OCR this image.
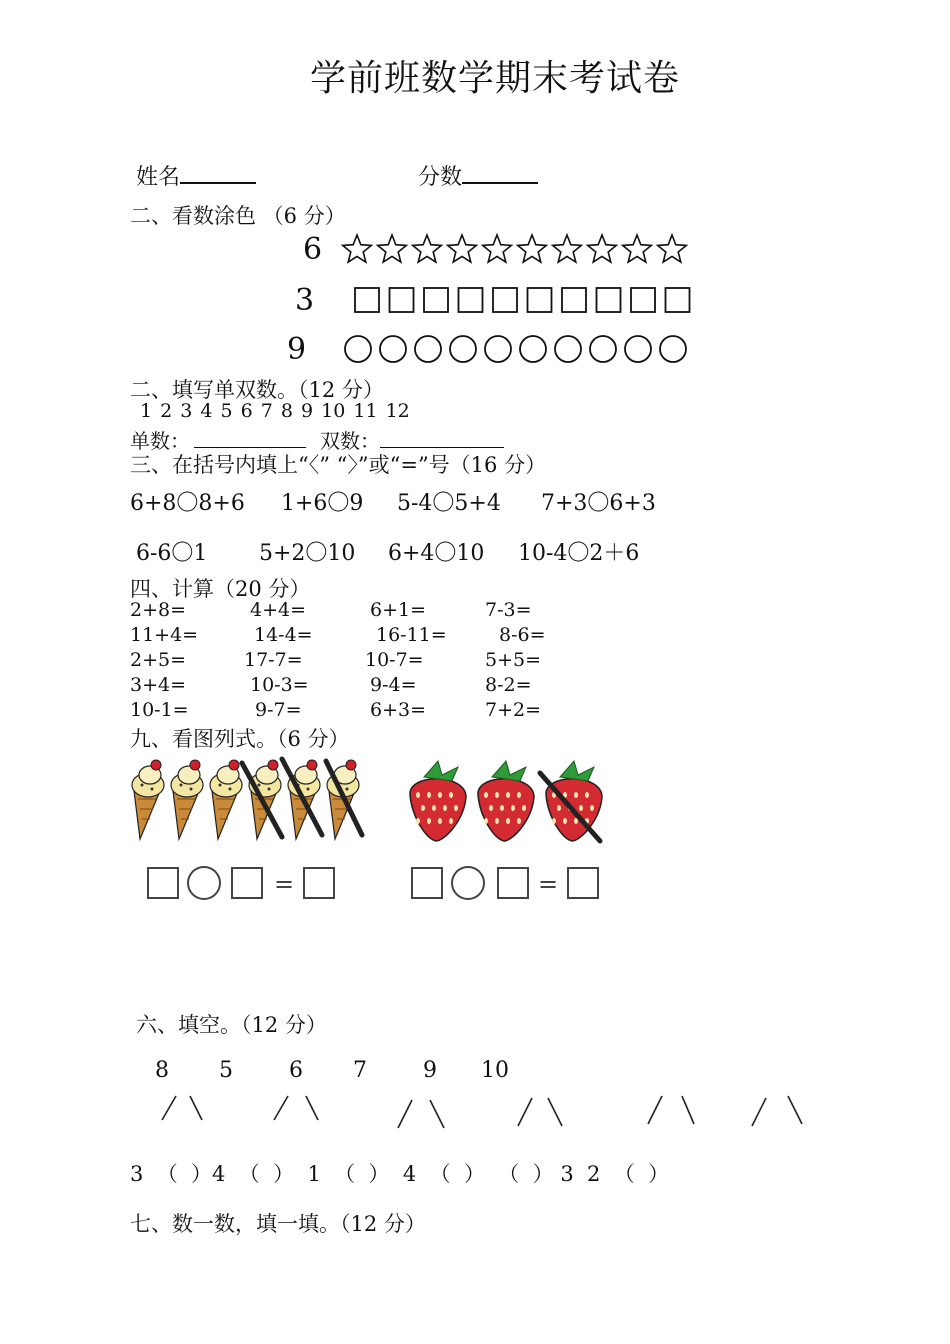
学前班数学期末考试卷
姓名	分数
二、看数涂色 （6 分）
6
3
9
二、填写单双数。（12 分）
1 2 3 4 5 6 7 8 9 10 11 12
单数：	双数：
三、在括号内填上“〈” “〉”或“=”号（16 分）
6+8〇8+6 1+6〇9 5-4〇5+4 7+3〇6+3
6-6〇1 5+2〇10 6+4〇10 10-4〇2＋6
四、计算（20 分）
2+8=	4+4=	6+1=	7-3=
11+4=	14-4=	16-11=	8-6=
2+5=	17-7=	10-7=	5+5=
3+4=	10-3=	9-4=	8-2=
10-1=	9-7=	6+3=	7+2=
九、看图列式。（6 分）
=	=
六、填空。（12 分）
8 5	6 7	9 10
3  （  ）4  （  ）  1  （  ）  4  （  ）  （  ） 3  2  （  ）
七、数一数，填一填。（12 分）
